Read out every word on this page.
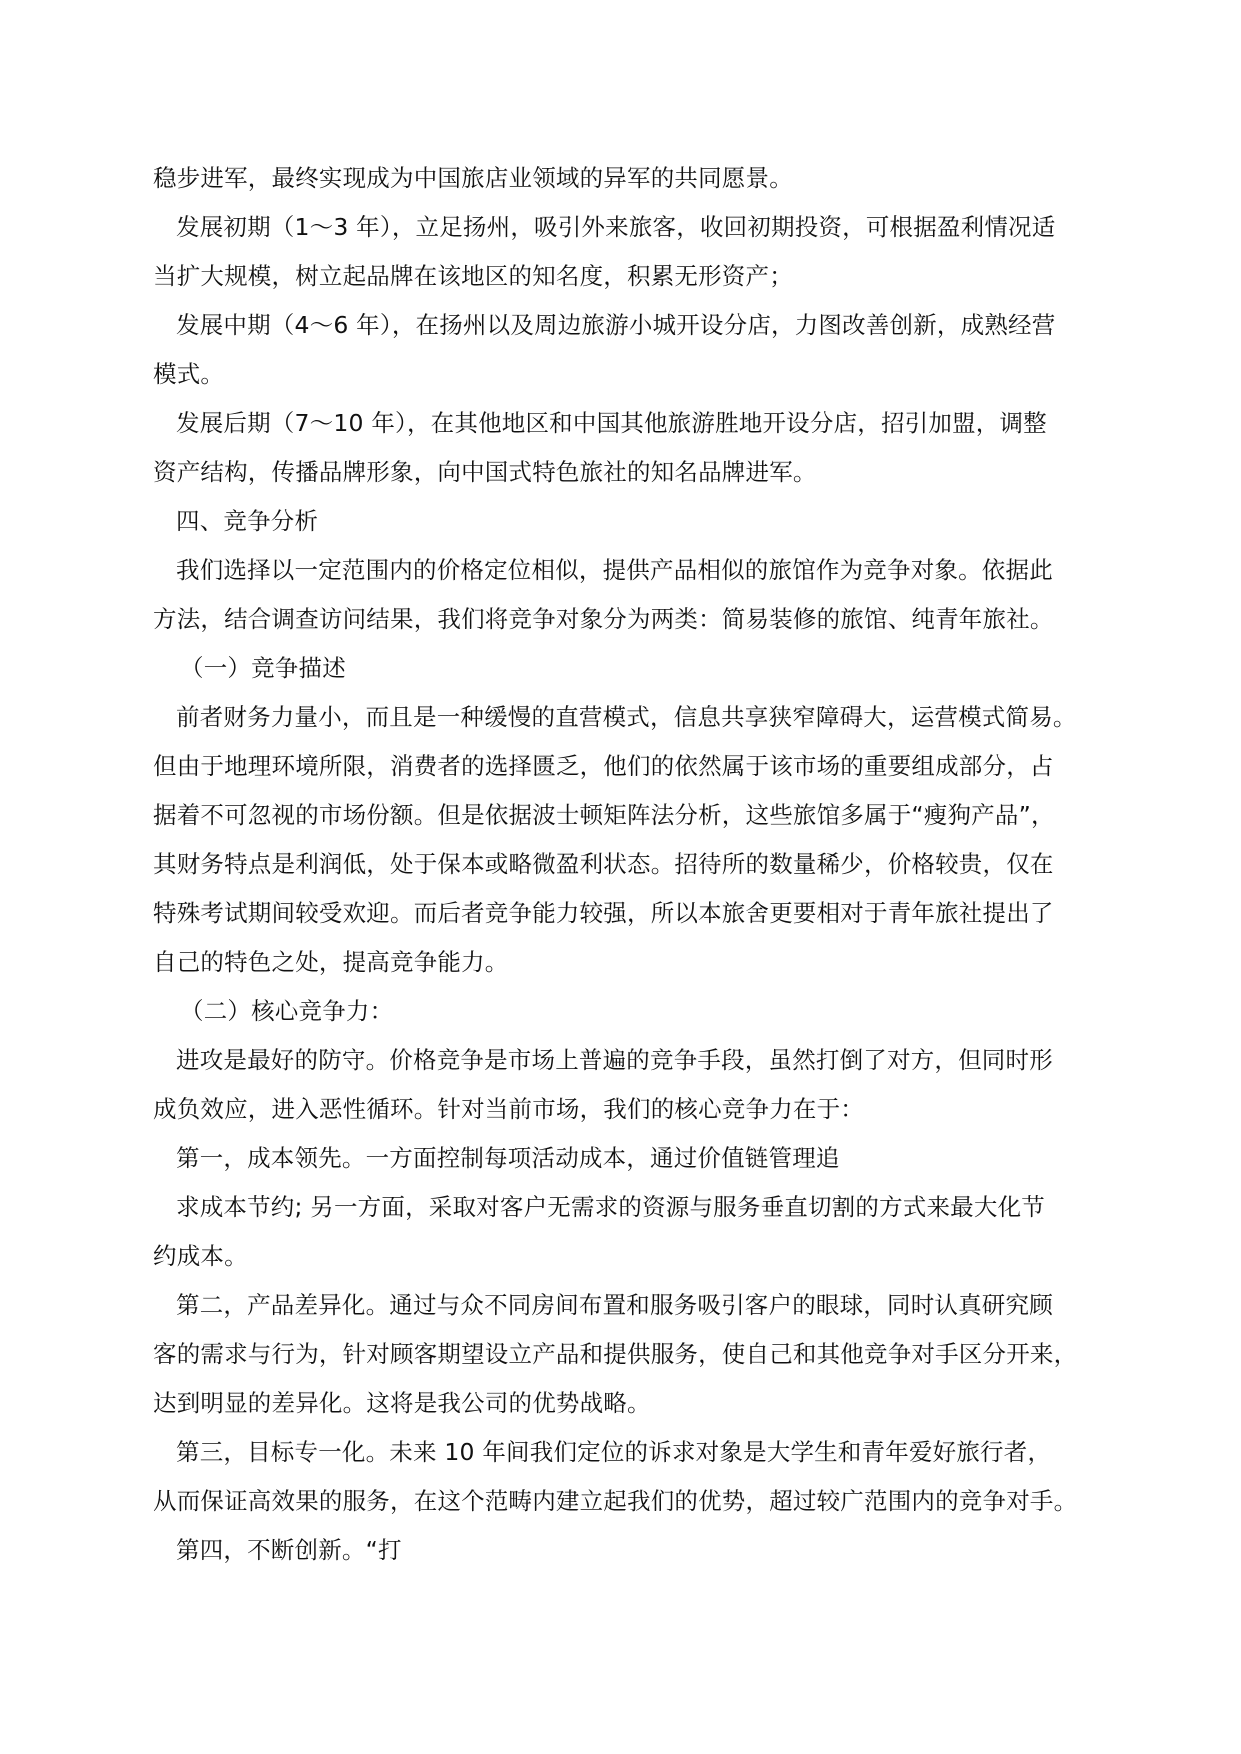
稳步进军，最终实现成为中国旅店业领域的异军的共同愿景。
发展初期（1～3 年），立足扬州，吸引外来旅客，收回初期投资，可根据盈利情况适
当扩大规模，树立起品牌在该地区的知名度，积累无形资产；
发展中期（4～6 年），在扬州以及周边旅游小城开设分店，力图改善创新，成熟经营
模式。
发展后期（7～10 年），在其他地区和中国其他旅游胜地开设分店，招引加盟，调整
资产结构，传播品牌形象，向中国式特色旅社的知名品牌进军。
四、竞争分析
我们选择以一定范围内的价格定位相似，提供产品相似的旅馆作为竞争对象。依据此
方法，结合调查访问结果，我们将竞争对象分为两类：简易装修的旅馆、纯青年旅社。
（一）竞争描述
前者财务力量小，而且是一种缓慢的直营模式，信息共享狭窄障碍大，运营模式简易。
但由于地理环境所限，消费者的选择匮乏，他们的依然属于该市场的重要组成部分，占
据着不可忽视的市场份额。但是依据波士顿矩阵法分析，这些旅馆多属于“瘦狗产品”，
其财务特点是利润低，处于保本或略微盈利状态。招待所的数量稀少，价格较贵，仅在
特殊考试期间较受欢迎。而后者竞争能力较强，所以本旅舍更要相对于青年旅社提出了
自己的特色之处，提高竞争能力。
（二）核心竞争力：
进攻是最好的防守。价格竞争是市场上普遍的竞争手段，虽然打倒了对方，但同时形
成负效应，进入恶性循环。针对当前市场，我们的核心竞争力在于：
第一，成本领先。一方面控制每项活动成本，通过价值链管理追
求成本节约; 另一方面，采取对客户无需求的资源与服务垂直切割的方式来最大化节
约成本。
第二，产品差异化。通过与众不同房间布置和服务吸引客户的眼球，同时认真研究顾
客的需求与行为，针对顾客期望设立产品和提供服务，使自己和其他竞争对手区分开来，
达到明显的差异化。这将是我公司的优势战略。
第三，目标专一化。未来 10 年间我们定位的诉求对象是大学生和青年爱好旅行者，
从而保证高效果的服务，在这个范畴内建立起我们的优势，超过较广范围内的竞争对手。
第四，不断创新。“打
